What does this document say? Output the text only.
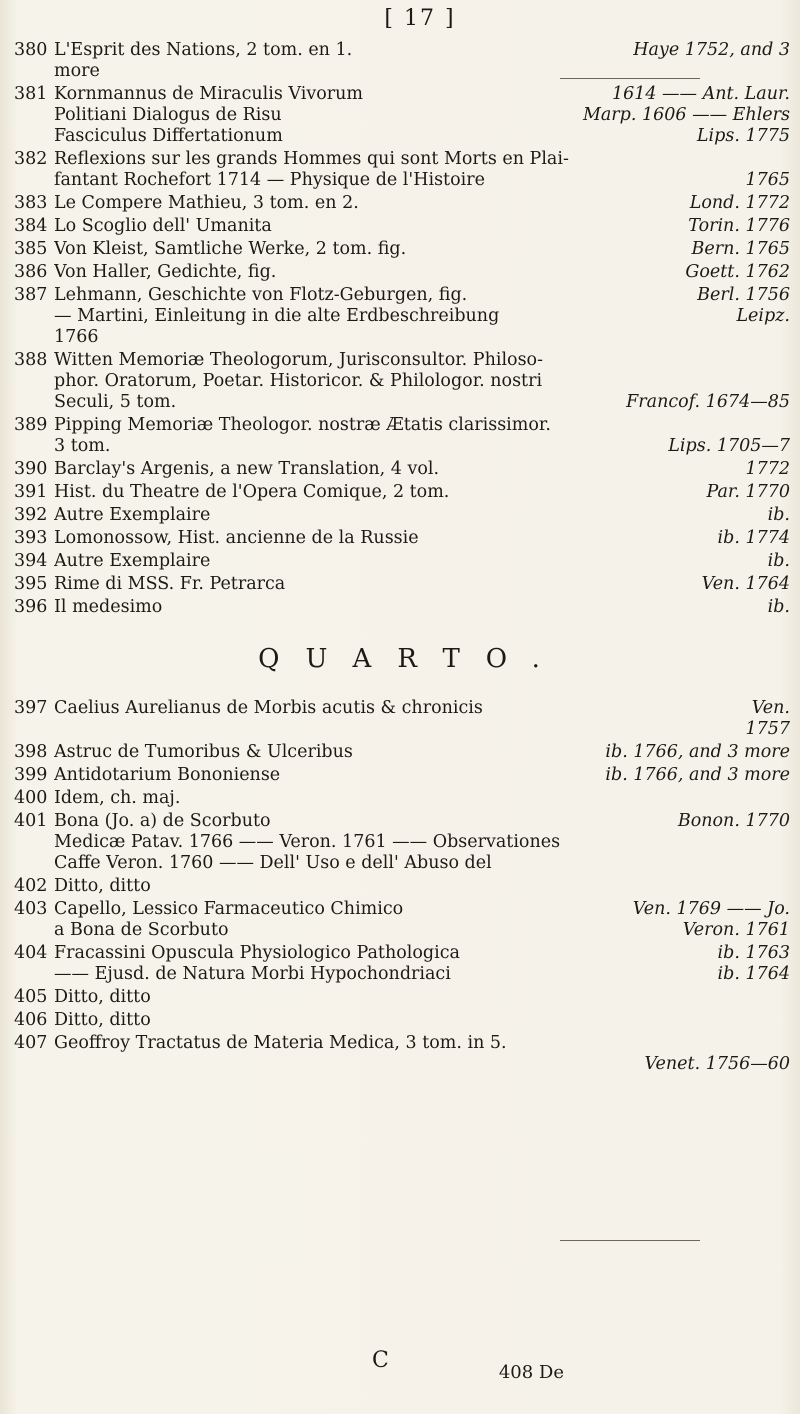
[ 17 ]
380 L'Esprit des Nations, 2 tom. en 1.	Haye 1752, and 3
more
381 Kornmannus de Miraculis Vivorum	1614 —— Ant. Laur.
Politiani Dialogus de Risu	Marp. 1606 —— Ehlers
Fasciculus Differtationum	Lips. 1775
382 Reflexions sur les grands Hommes qui sont Morts en Plai-
fantant Rochefort 1714 — Physique de l'Histoire	1765
383 Le Compere Mathieu, 3 tom. en 2.	Lond. 1772
384 Lo Scoglio dell' Umanita	Torin. 1776
385 Von Kleist, Samtliche Werke, 2 tom. fig.	Bern. 1765
386 Von Haller, Gedichte, fig.	Goett. 1762
387 Lehmann, Geschichte von Flotz-Geburgen, fig.	Berl. 1756
— Martini, Einleitung in die alte Erdbeschreibung	Leipz.
1766
388 Witten Memoriæ Theologorum, Jurisconsultor. Philoso-
phor. Oratorum, Poetar. Historicor. & Philologor. nostri
Seculi, 5 tom.	Francof. 1674—85
389 Pipping Memoriæ Theologor. nostræ Ætatis clarissimor.
3 tom.	Lips. 1705—7
390 Barclay's Argenis, a new Translation, 4 vol.	1772
391 Hist. du Theatre de l'Opera Comique, 2 tom.	Par. 1770
392 Autre Exemplaire	ib.
393 Lomonossow, Hist. ancienne de la Russie	ib. 1774
394 Autre Exemplaire	ib.
395 Rime di MSS. Fr. Petrarca	Ven. 1764
396 Il medesimo	ib.
QUARTO.
397 Caelius Aurelianus de Morbis acutis & chronicis	Ven.
1757
398 Astruc de Tumoribus & Ulceribus	ib. 1766, and 3 more
399 Antidotarium Bononiense	ib. 1766, and 3 more
400 Idem, ch. maj.
401 Bona (Jo. a) de Scorbuto	Bonon. 1770
Medicæ Patav. 1766 —— Veron. 1761 —— Observationes
Caffe Veron. 1760 —— Dell' Uso e dell' Abuso del
402 Ditto, ditto
403 Capello, Lessico Farmaceutico Chimico	Ven. 1769 —— Jo.
a Bona de Scorbuto	Veron. 1761
404 Fracassini Opuscula Physiologico Pathologica	ib. 1763
—— Ejusd. de Natura Morbi Hypochondriaci	ib. 1764
405 Ditto, ditto
406 Ditto, ditto
407 Geoffroy Tractatus de Materia Medica, 3 tom. in 5.
Venet. 1756—60
C	408 De
